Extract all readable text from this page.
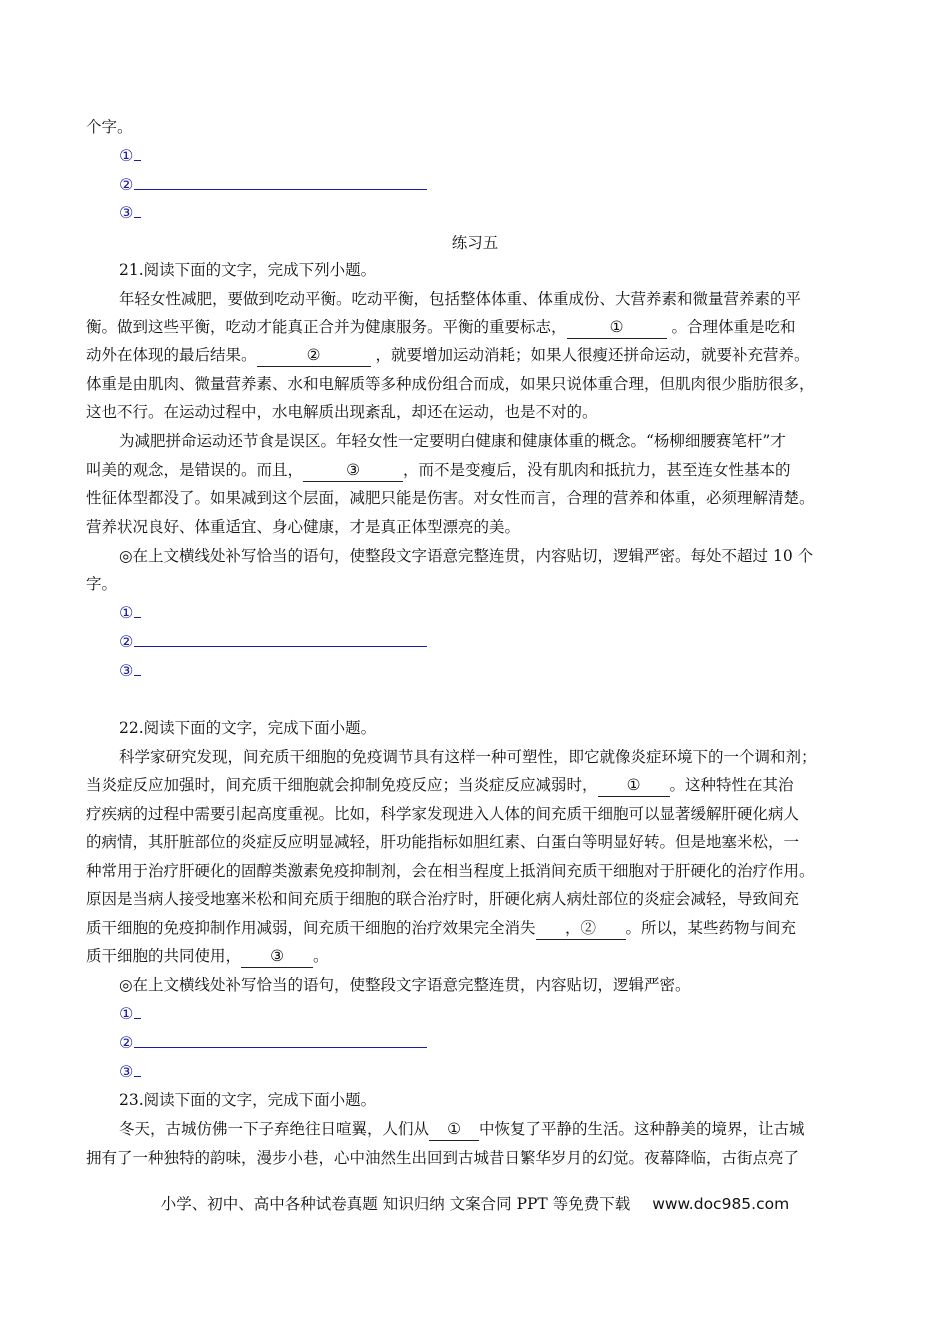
个字。
①
②
③
练习五
21.阅读下面的文字，完成下列小题。
年轻女性减肥，要做到吃动平衡。吃动平衡，包括整体体重、体重成份、大营养素和微量营养素的平
衡。做到这些平衡，吃动才能真正合并为健康服务。平衡的重要标志，	①	。合理体重是吃和
动外在体现的最后结果。	②	，就要增加运动消耗；如果人很瘦还拼命运动，就要补充营养。
体重是由肌肉、微量营养素、水和电解质等多种成份组合而成，如果只说体重合理，但肌肉很少脂肪很多，
这也不行。在运动过程中，水电解质出现紊乱，却还在运动，也是不对的。
为减肥拼命运动还节食是误区。年轻女性一定要明白健康和健康体重的概念。“杨柳细腰赛笔杆”才
叫美的观念，是错误的。而且，	③	，而不是变瘦后，没有肌肉和抵抗力，甚至连女性基本的
性征体型都没了。如果减到这个层面，减肥只能是伤害。对女性而言，合理的营养和体重，必须理解清楚。
营养状况良好、体重适宜、身心健康，才是真正体型漂亮的美。
◎在上文横线处补写恰当的语句，使整段文字语意完整连贯，内容贴切，逻辑严密。每处不超过 10 个
字。
①
②
③
22.阅读下面的文字，完成下面小题。
科学家研究发现，间充质干细胞的免疫调节具有这样一种可塑性，即它就像炎症环境下的一个调和剂；
当炎症反应加强时，间充质干细胞就会抑制免疫反应；当炎症反应减弱时， ① 。这种特性在其治
疗疾病的过程中需要引起高度重视。比如，科学家发现进入人体的间充质干细胞可以显著缓解肝硬化病人
的病情，其肝脏部位的炎症反应明显减轻，肝功能指标如胆红素、白蛋白等明显好转。但是地塞米松，一
种常用于治疗肝硬化的固醇类激素免疫抑制剂，会在相当程度上抵消间充质干细胞对于肝硬化的治疗作用。
原因是当病人接受地塞米松和间充质于细胞的联合治疗时，肝硬化病人病灶部位的炎症会减轻，导致间充
质干细胞的免疫抑制作用减弱，间充质干细胞的治疗效果完全消失 ，② 。所以，某些药物与间充
质干细胞的共同使用， ③ 。
◎在上文横线处补写恰当的语句，使整段文字语意完整连贯，内容贴切，逻辑严密。
①
②
③
23.阅读下面的文字，完成下面小题。
冬天，古城仿佛一下子弃绝往日喧翼，人们从 ① 中恢复了平静的生活。这种静美的境界，让古城
拥有了一种独特的韵味，漫步小巷，心中油然生出回到古城昔日繁华岁月的幻觉。夜幕降临，古街点亮了
小学、初中、高中各种试卷真题 知识归纳 文案合同 PPT 等免费下载 www.doc985.com
